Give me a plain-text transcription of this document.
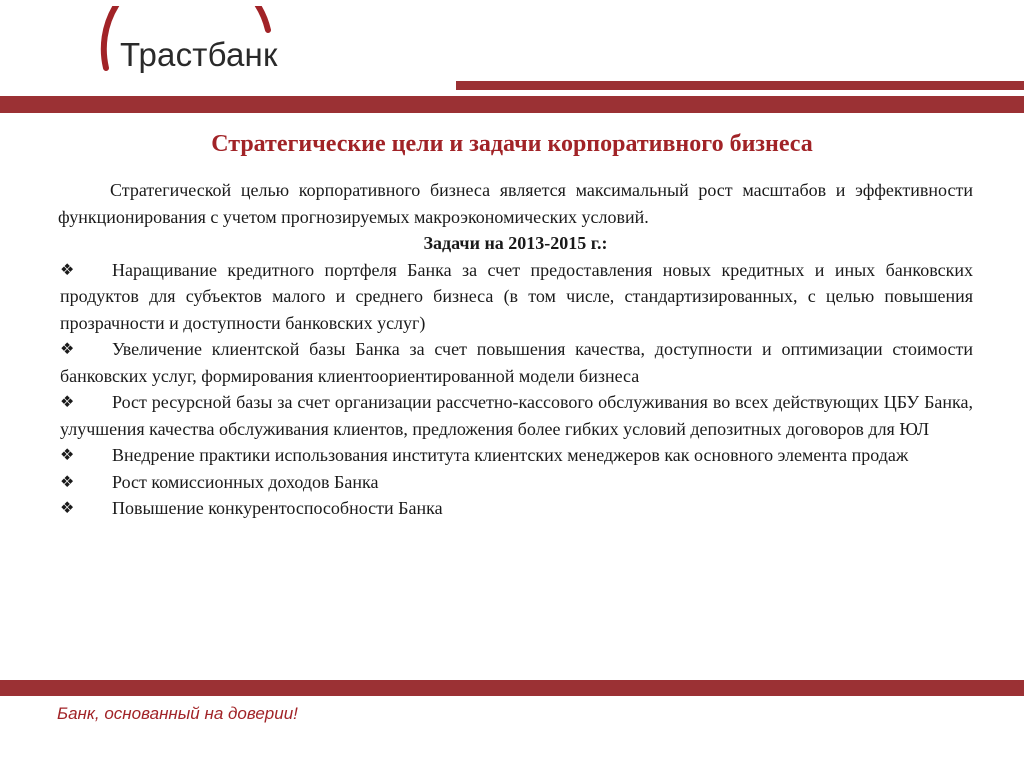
Трастбанк
Стратегические цели и задачи корпоративного бизнеса

Стратегической целью корпоративного бизнеса является максимальный рост масштабов и эффективности функционирования с учетом прогнозируемых макроэкономических условий.

Задачи на 2013-2015 г.:

❖	Наращивание кредитного портфеля Банка за счет предоставления новых кредитных и иных банковских продуктов для субъектов малого и среднего бизнеса (в том числе, стандартизированных, с целью повышения прозрачности и доступности банковских услуг)
❖	Увеличение клиентской базы Банка за счет повышения качества, доступности и оптимизации стоимости банковских услуг, формирования клиентоориентированной модели бизнеса
❖	Рост ресурсной базы за счет организации рассчетно-кассового обслуживания во всех действующих ЦБУ Банка, улучшения качества обслуживания клиентов, предложения более гибких условий депозитных договоров для ЮЛ
❖	Внедрение практики использования института клиентских менеджеров как основного элемента продаж
❖	Рост комиссионных доходов Банка
❖	Повышение конкурентоспособности Банка
Банк, основанный на доверии!
